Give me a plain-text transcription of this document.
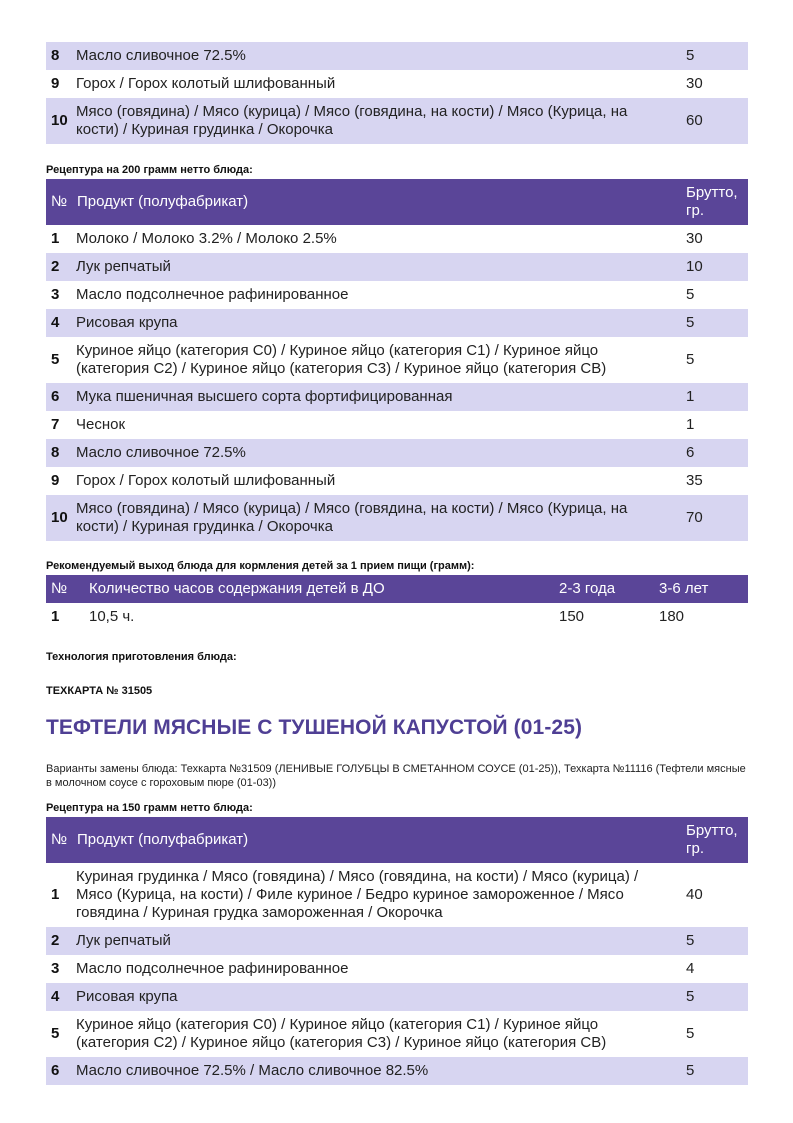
8	Масло сливочное 72.5%	5
9	Горох / Горох колотый шлифованный	30
10	Мясо (говядина) / Мясо (курица) / Мясо (говядина, на кости) / Мясо (Курица, на кости) / Куриная грудинка / Окорочка	60
Рецептура на 200 грамм нетто блюда:
№	Продукт (полуфабрикат)	Брутто, гр.
1	Молоко / Молоко 3.2% / Молоко 2.5%	30
2	Лук репчатый	10
3	Масло подсолнечное рафинированное	5
4	Рисовая крупа	5
5	Куриное яйцо (категория С0) / Куриное яйцо (категория С1) / Куриное яйцо (категория С2) / Куриное яйцо (категория С3) / Куриное яйцо (категория СВ)	5
6	Мука пшеничная высшего сорта фортифицированная	1
7	Чеснок	1
8	Масло сливочное 72.5%	6
9	Горох / Горох колотый шлифованный	35
10	Мясо (говядина) / Мясо (курица) / Мясо (говядина, на кости) / Мясо (Курица, на кости) / Куриная грудинка / Окорочка	70
Рекомендуемый выход блюда для кормления детей за 1 прием пищи (грамм):
№	Количество часов содержания детей в ДО	2-3 года	3-6 лет
1	10,5 ч.	150	180
Технология приготовления блюда:
ТЕХКАРТА № 31505
ТЕФТЕЛИ МЯСНЫЕ С ТУШЕНОЙ КАПУСТОЙ (01-25)
Варианты замены блюда: Техкарта №31509 (ЛЕНИВЫЕ ГОЛУБЦЫ В СМЕТАННОМ СОУСЕ (01-25)), Техкарта №11116 (Тефтели мясные в молочном соусе с гороховым пюре (01-03))
Рецептура на 150 грамм нетто блюда:
№	Продукт (полуфабрикат)	Брутто, гр.
1	Куриная грудинка / Мясо (говядина) / Мясо (говядина, на кости) / Мясо (курица) / Мясо (Курица, на кости) / Филе куриное / Бедро куриное замороженное / Мясо говядина / Куриная грудка замороженная / Окорочка	40
2	Лук репчатый	5
3	Масло подсолнечное рафинированное	4
4	Рисовая крупа	5
5	Куриное яйцо (категория С0) / Куриное яйцо (категория С1) / Куриное яйцо (категория С2) / Куриное яйцо (категория С3) / Куриное яйцо (категория СВ)	5
6	Масло сливочное 72.5% / Масло сливочное 82.5%	5
